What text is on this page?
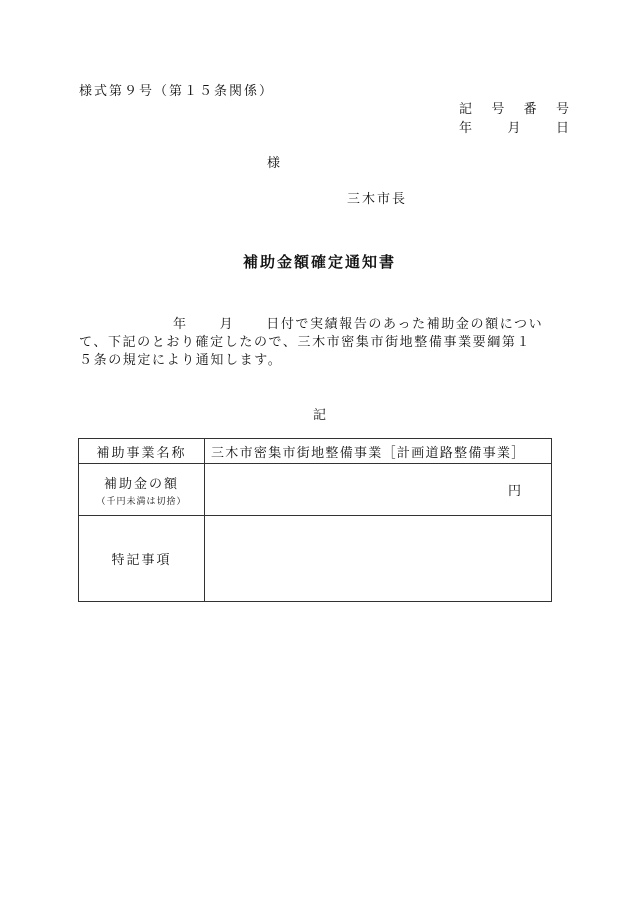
様式第９号（第１５条関係）
記 号 番 号
年	月	日
様
三木市長
補助金額確定通知書
年 月 日付で実績報告のあった補助金の額につい
て、下記のとおり確定したので、三木市密集市街地整備事業要綱第１
５条の規定により通知します。
記
補助事業名称	三木市密集市街地整備事業［計画道路整備事業］
補助金の額
（千円未満は切捨）	円
特記事項	
